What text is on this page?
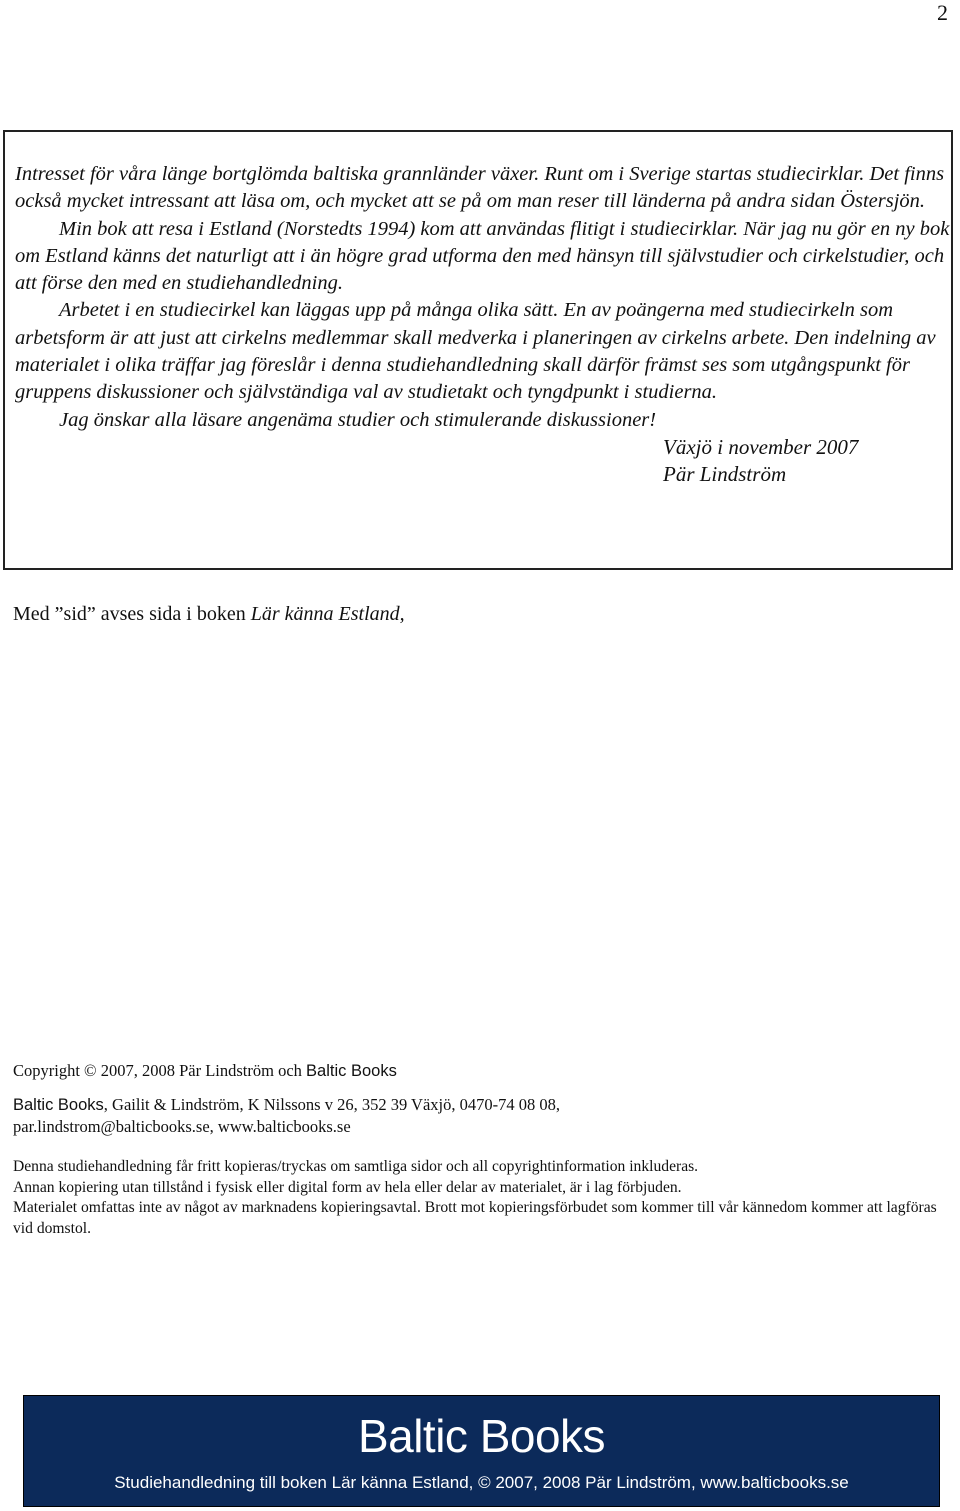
2

Intresset för våra länge bortglömda baltiska grannländer växer. Runt om i Sverige startas studiecirklar. Det finns också mycket intressant att läsa om, och mycket att se på om man reser till länderna på andra sidan Östersjön.

Min bok att resa i Estland (Norstedts 1994) kom att användas flitigt i studiecirklar. När jag nu gör en ny bok om Estland känns det naturligt att i än högre grad utforma den med hänsyn till självstudier och cirkelstudier, och att förse den med en studiehandledning.

Arbetet i en studiecirkel kan läggas upp på många olika sätt. En av poängerna med studiecirkeln som arbetsform är att just att cirkelns medlemmar skall medverka i planeringen av cirkelns arbete. Den indelning av materialet i olika träffar jag föreslår i denna studiehandledning skall därför främst ses som utgångspunkt för gruppens diskussioner och självständiga val av studietakt och tyngdpunkt i studierna.

Jag önskar alla läsare angenäma studier och stimulerande diskussioner!

Växjö i november 2007

Pär Lindström

Med ”sid” avses sida i boken Lär känna Estland,
Copyright © 2007, 2008 Pär Lindström och Baltic Books
Baltic Books, Gailit & Lindström, K Nilssons v 26, 352 39 Växjö, 0470-74 08 08,
par.lindstrom@balticbooks.se, www.balticbooks.se

Denna studiehandledning får fritt kopieras/tryckas om samtliga sidor och all copyrightinformation inkluderas.

Annan kopiering utan tillstånd i fysisk eller digital form av hela eller delar av materialet, är i lag förbjuden.

Materialet omfattas inte av något av marknadens kopieringsavtal. Brott mot kopieringsförbudet som kommer till vår kännedom kommer att lagföras vid domstol.

Baltic Books
Studiehandledning till boken Lär känna Estland, © 2007, 2008 Pär Lindström, www.balticbooks.se
